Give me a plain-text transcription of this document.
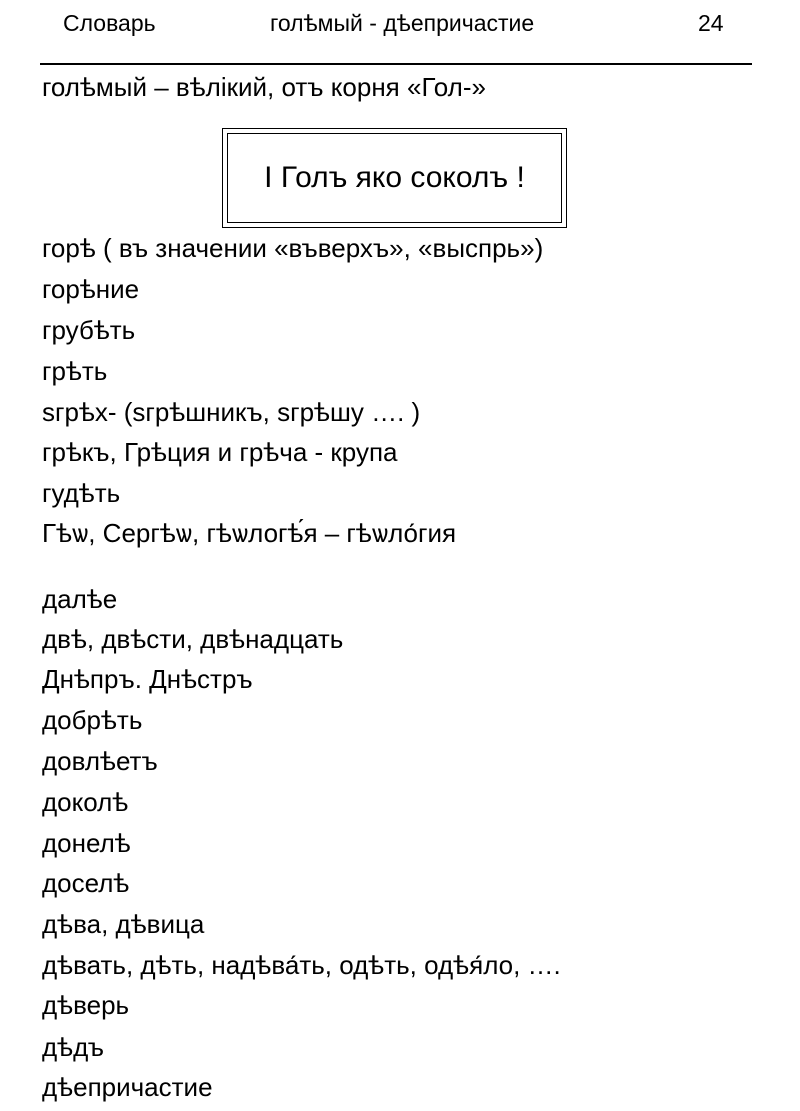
Словарь	голѣмый - дѣепричастие	24
голѣмый – вѣлiкий, отъ корня «Гол-»
І Голъ яко соколъ !
горѣ ( въ значении «въверхъ», «выспрь»)
горѣние
грубѣть
грѣть
ѕгрѣх- (ѕгрѣшникъ, ѕгрѣшу …. )
грѣкъ, Грѣция и грѣча - крупа
гудѣть
Гѣѡ, Сергѣѡ, гѣѡлогѣ́я – гѣѡло́гия
далѣе
двѣ, двѣсти, двѣнадцать
Днѣпръ. Днѣстръ
добрѣть
довлѣетъ
доколѣ
донелѣ
доселѣ
дѣва, дѣвица
дѣвать, дѣть, надѣва́ть, одѣть, одѣя́ло, ….
дѣверь
дѣдъ
дѣепричастие
